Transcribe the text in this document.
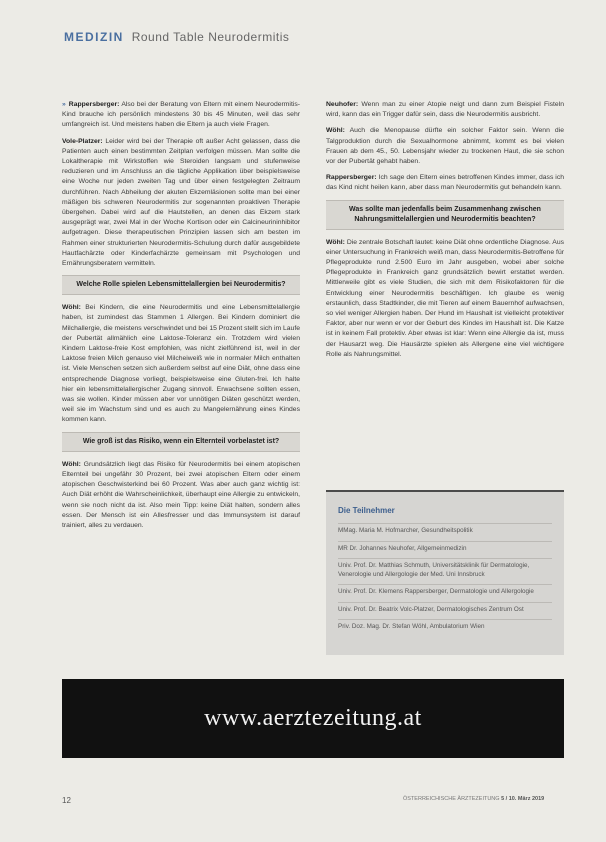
MEDIZIN Round Table Neurodermitis

» Rappersberger: Also bei der Beratung von Eltern mit einem Neurodermitis-Kind brauche ich persönlich mindestens 30 bis 45 Minuten, weil das sehr umfangreich ist. Und meistens haben die Eltern ja auch viele Fragen.

Vole-Platzer: Leider wird bei der Therapie oft außer Acht gelassen, dass die Patienten auch einen bestimmten Zeitplan verfolgen müssen. Man sollte die Lokaltherapie mit Wirkstoffen wie Steroiden langsam und stufenweise reduzieren und im Anschluss an die tägliche Applikation über beispielsweise eine Woche nur jeden zweiten Tag und über einen festgelegten Zeitraum durchführen. Nach Abheilung der akuten Ekzemläsionen sollte man bei einer mäßigen bis schweren Neurodermitis zur sogenannten proaktiven Therapie übergehen. Dabei wird auf die Hautstellen, an denen das Ekzem stark ausgeprägt war, zwei Mal in der Woche Kortison oder ein Calcineurininhibitor aufgetragen. Diese therapeutischen Prinzipien lassen sich am besten im Rahmen einer strukturierten Neurodermitis-Schulung durch dafür ausgebildete Hautfachärzte oder Kinderfachärzte gemeinsam mit Psychologen und Ernährungsberatern vermitteln.

Welche Rolle spielen Lebensmittelallergien bei Neurodermitis?

Wöhl: Bei Kindern, die eine Neurodermitis und eine Lebensmittelallergie haben, ist zumindest das Stammen 1 Allergen. Bei Kindern dominiert die Milchallergie, die meistens verschwindet und bei 15 Prozent stellt sich im Laufe der Pubertät allmählich eine Laktose-Toleranz ein. Trotzdem wird vielen Kindern Laktose-freie Kost empfohlen, was nicht zielführend ist, weil in der Laktose freien Milch genauso viel Milcheiweiß wie in normaler Milch enthalten ist. Viele Menschen setzen sich außerdem selbst auf eine Diät, ohne dass eine entsprechende Diagnose vorliegt, beispielsweise eine Gluten-frei. Ich halte hier ein lebensmittelallergischer Zugang sinnvoll. Erwachsene sollten essen, was sie wollen. Kinder müssen aber vor unnötigen Diäten geschützt werden, weil sie im Wachstum sind und es auch zu Mangelernährung eines Kindes kommen kann.

Wie groß ist das Risiko, wenn ein Elternteil vorbelastet ist?

Wöhl: Grundsätzlich liegt das Risiko für Neurodermitis bei einem atopischen Elternteil bei ungefähr 30 Prozent, bei zwei atopischen Eltern oder einem atopischen Geschwisterkind bei 60 Prozent. Was aber auch ganz wichtig ist: Auch Diät erhöht die Wahrscheinlichkeit, überhaupt eine Allergie zu entwickeln, wenn sie noch nicht da ist. Also mein Tipp: keine Diät halten, sondern alles essen. Der Mensch ist ein Allesfresser und das Immunsystem ist darauf trainiert, alles zu verdauen.

Neuhofer: Wenn man zu einer Atopie neigt und dann zum Beispiel Fisteln wird, kann das ein Trigger dafür sein, dass die Neurodermitis ausbricht.

Wöhl: Auch die Menopause dürfte ein solcher Faktor sein. Wenn die Talgproduktion durch die Sexualhormone abnimmt, kommt es bei vielen Frauen ab dem 45., 50. Lebensjahr wieder zu trockenen Haut, die sie schon vor der Pubertät gehabt haben.

Rappersberger: Ich sage den Eltern eines betroffenen Kindes immer, dass ich das Kind nicht heilen kann, aber dass man Neurodermitis gut behandeln kann.

Was sollte man jedenfalls beim Zusammenhang zwischen Nahrungsmittelallergien und Neurodermitis beachten?

Wöhl: Die zentrale Botschaft lautet: keine Diät ohne ordentliche Diagnose. Aus einer Untersuchung in Frankreich weiß man, dass Neurodermitis-Betroffene für Pflegeprodukte rund 2.500 Euro im Jahr ausgeben, wobei aber solche Pflegeprodukte in Frankreich ganz grundsätzlich bewirt erstattet werden. Mittlerweile gibt es viele Studien, die sich mit dem Risikofaktoren für die Entwicklung einer Neurodermitis beschäftigen. Ich glaube es wenig erstaunlich, dass Stadtkinder, die mit Tieren auf einem Bauernhof aufwachsen, so viel weniger Allergien haben. Der Hund im Haushalt ist vielleicht protektiver Faktor, aber nur wenn er vor der Geburt des Kindes im Haushalt ist. Die Katze ist in keinem Fall protektiv. Aber etwas ist klar: Wenn eine Allergie da ist, muss der Hausarzt weg. Die Hausärzte spielen als Allergene eine viel wichtigere Rolle als Nahrungsmittel.

Die Teilnehmer
MMag. Maria M. Hofmarcher, Gesundheitspolitik
MR Dr. Johannes Neuhofer, Allgemeinmedizin
Univ. Prof. Dr. Matthias Schmuth, Universitätsklinik für Dermatologie, Venerologie und Allergologie der Med. Uni Innsbruck
Univ. Prof. Dr. Klemens Rappersberger, Dermatologie und Allergologie
Univ. Prof. Dr. Beatrix Volc-Platzer, Dermatologisches Zentrum Ost
Priv. Doz. Mag. Dr. Stefan Wöhl, Ambulatorium Wien
www.aerztezeitung.at
12	ÖSTERREICHISCHE ÄRZTEZEITUNG 5 / 10. März 2019
